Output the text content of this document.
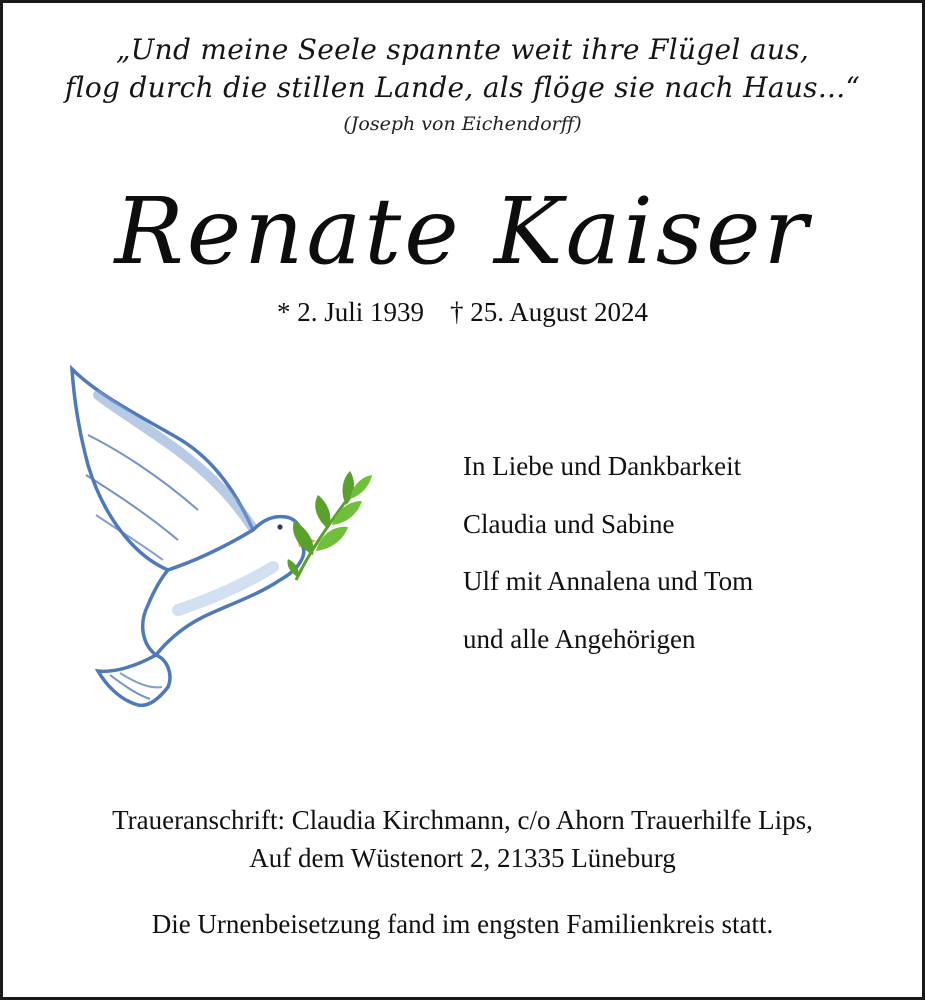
„Und meine Seele spannte weit ihre Flügel aus,
flog durch die stillen Lande, als flöge sie nach Haus...“
(Joseph von Eichendorff)
Renate Kaiser
* 2. Juli 1939 † 25. August 2024
In Liebe und Dankbarkeit
Claudia und Sabine
Ulf mit Annalena und Tom
und alle Angehörigen
Traueranschrift: Claudia Kirchmann, c/o Ahorn Trauerhilfe Lips,
Auf dem Wüstenort 2, 21335 Lüneburg
Die Urnenbeisetzung fand im engsten Familienkreis statt.
